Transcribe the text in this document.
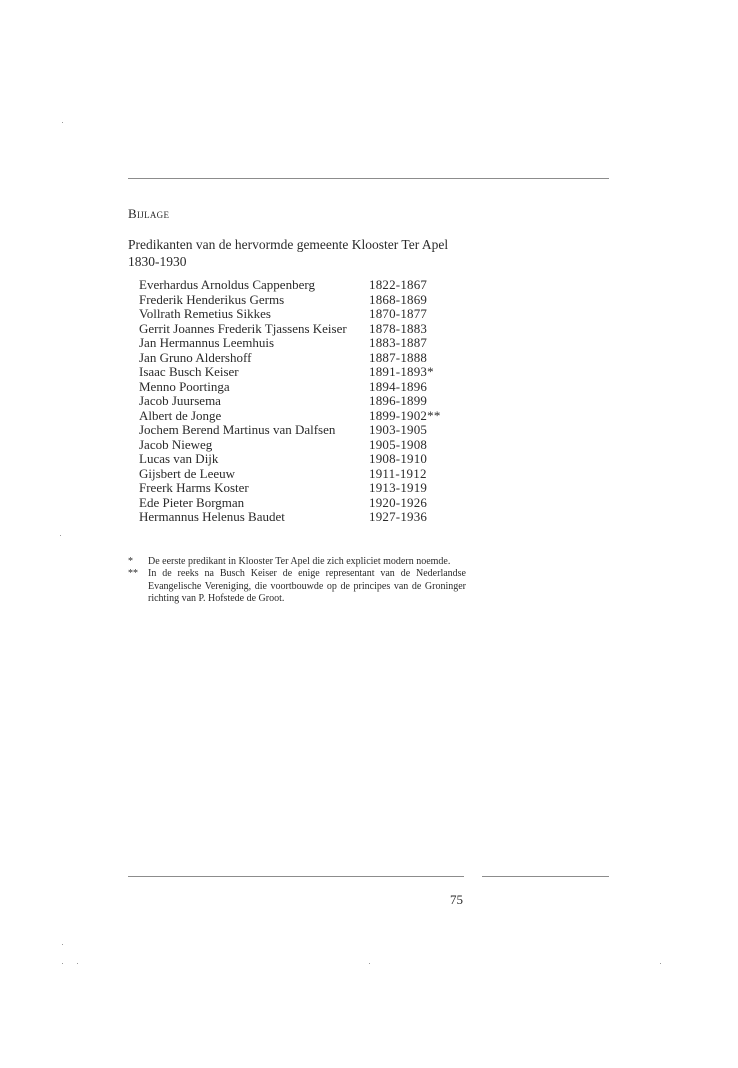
Bijlage
Predikanten van de hervormde gemeente Klooster Ter Apel 1830-1930
Everhardus Arnoldus Cappenberg	1822-1867
Frederik Henderikus Germs	1868-1869
Vollrath Remetius Sikkes	1870-1877
Gerrit Joannes Frederik Tjassens Keiser 1878-1883
Jan Hermannus Leemhuis	1883-1887
Jan Gruno Aldershoff	1887-1888
Isaac Busch Keiser	1891-1893*
Menno Poortinga	1894-1896
Jacob Juursema	1896-1899
Albert de Jonge	1899-1902**
Jochem Berend Martinus van Dalfsen	1903-1905
Jacob Nieweg	1905-1908
Lucas van Dijk	1908-1910
Gijsbert de Leeuw	1911-1912
Freerk Harms Koster	1913-1919
Ede Pieter Borgman	1920-1926
Hermannus Helenus Baudet	1927-1936
* De eerste predikant in Klooster Ter Apel die zich expliciet modern noemde.
** In de reeks na Busch Keiser de enige representant van de Nederlandse Evangelische Vereniging, die voortbouwde op de principes van de Groninger richting van P. Hofstede de Groot.
75
